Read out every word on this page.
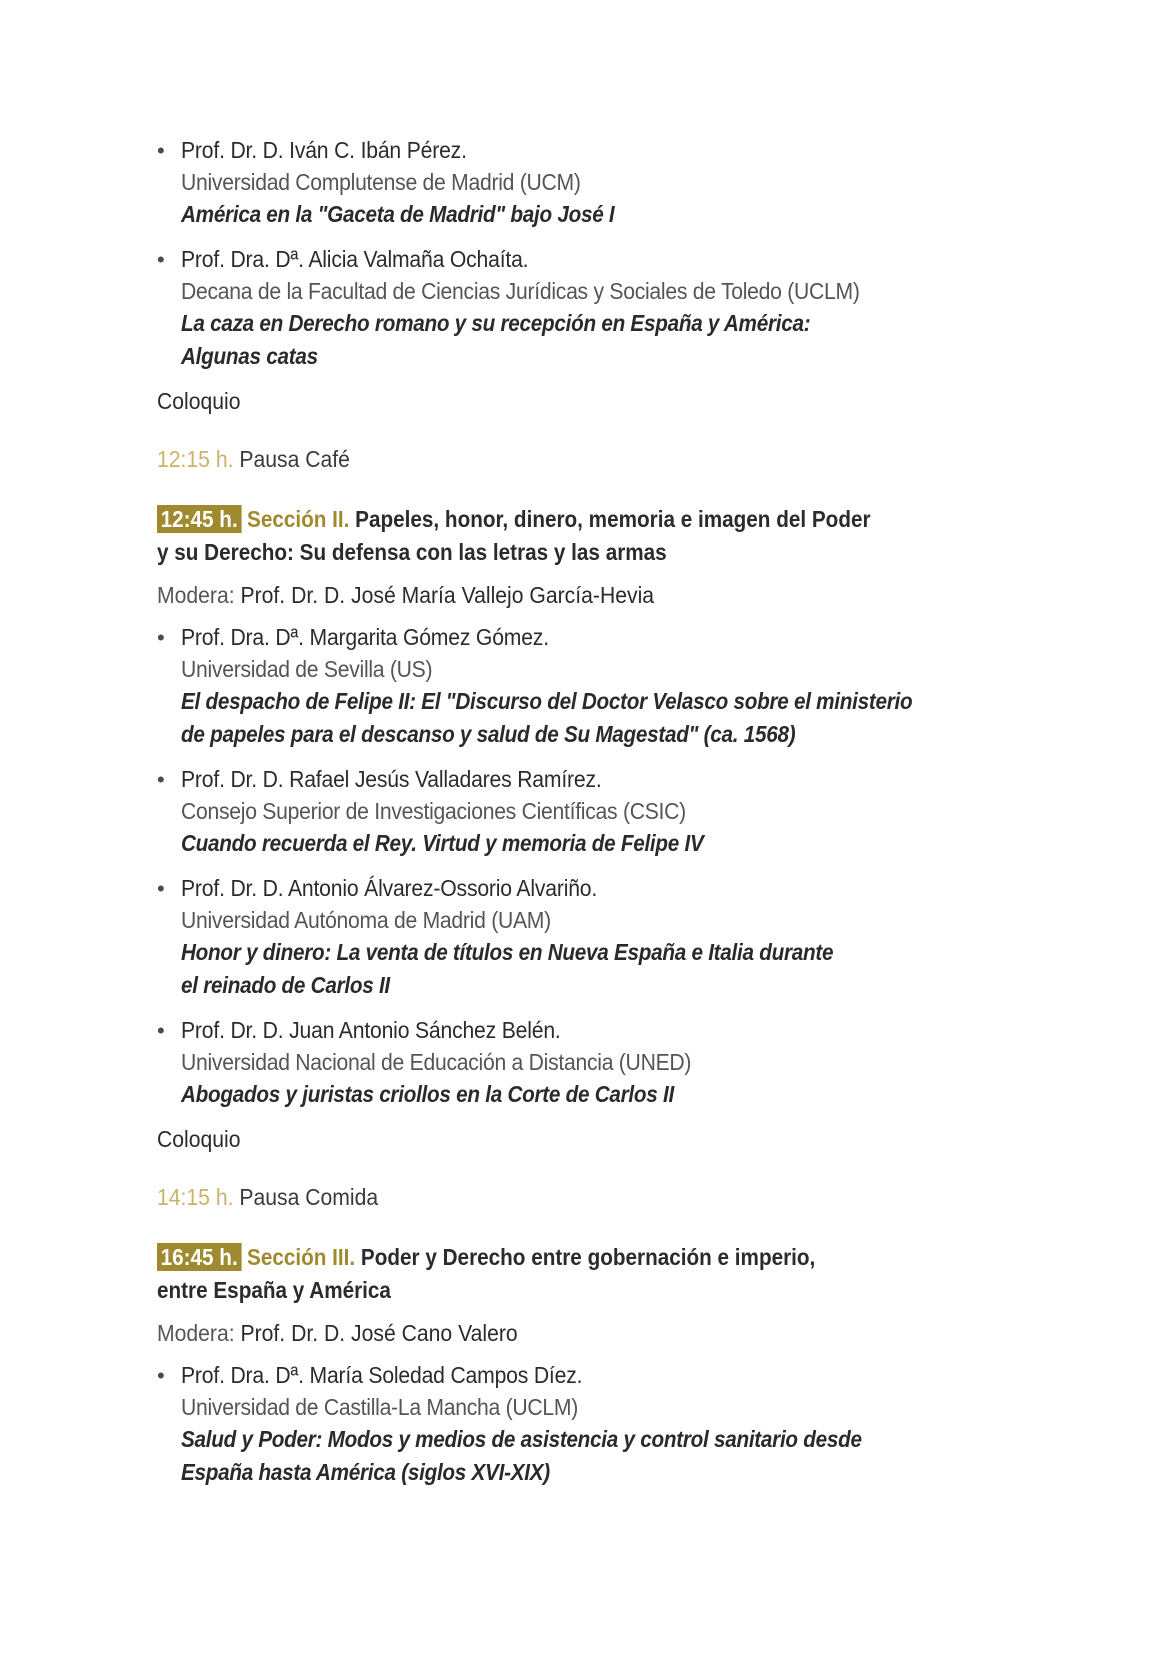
• Prof. Dr. D. Iván C. Ibán Pérez.
Universidad Complutense de Madrid (UCM)
América en la "Gaceta de Madrid" bajo José I
• Prof. Dra. Dª. Alicia Valmaña Ochaíta.
Decana de la Facultad de Ciencias Jurídicas y Sociales de Toledo (UCLM)
La caza en Derecho romano y su recepción en España y América:
Algunas catas
Coloquio
12:15 h. Pausa Café
12:45 h. Sección II. Papeles, honor, dinero, memoria e imagen del Poder
y su Derecho: Su defensa con las letras y las armas
Modera: Prof. Dr. D. José María Vallejo García-Hevia
• Prof. Dra. Dª. Margarita Gómez Gómez.
Universidad de Sevilla (US)
El despacho de Felipe II: El "Discurso del Doctor Velasco sobre el ministerio
de papeles para el descanso y salud de Su Magestad" (ca. 1568)
• Prof. Dr. D. Rafael Jesús Valladares Ramírez.
Consejo Superior de Investigaciones Científicas (CSIC)
Cuando recuerda el Rey. Virtud y memoria de Felipe IV
• Prof. Dr. D. Antonio Álvarez-Ossorio Alvariño.
Universidad Autónoma de Madrid (UAM)
Honor y dinero: La venta de títulos en Nueva España e Italia durante
el reinado de Carlos II
• Prof. Dr. D. Juan Antonio Sánchez Belén.
Universidad Nacional de Educación a Distancia (UNED)
Abogados y juristas criollos en la Corte de Carlos II
Coloquio
14:15 h. Pausa Comida
16:45 h. Sección III. Poder y Derecho entre gobernación e imperio,
entre España y América
Modera: Prof. Dr. D. José Cano Valero
• Prof. Dra. Dª. María Soledad Campos Díez.
Universidad de Castilla-La Mancha (UCLM)
Salud y Poder: Modos y medios de asistencia y control sanitario desde
España hasta América (siglos XVI-XIX)
